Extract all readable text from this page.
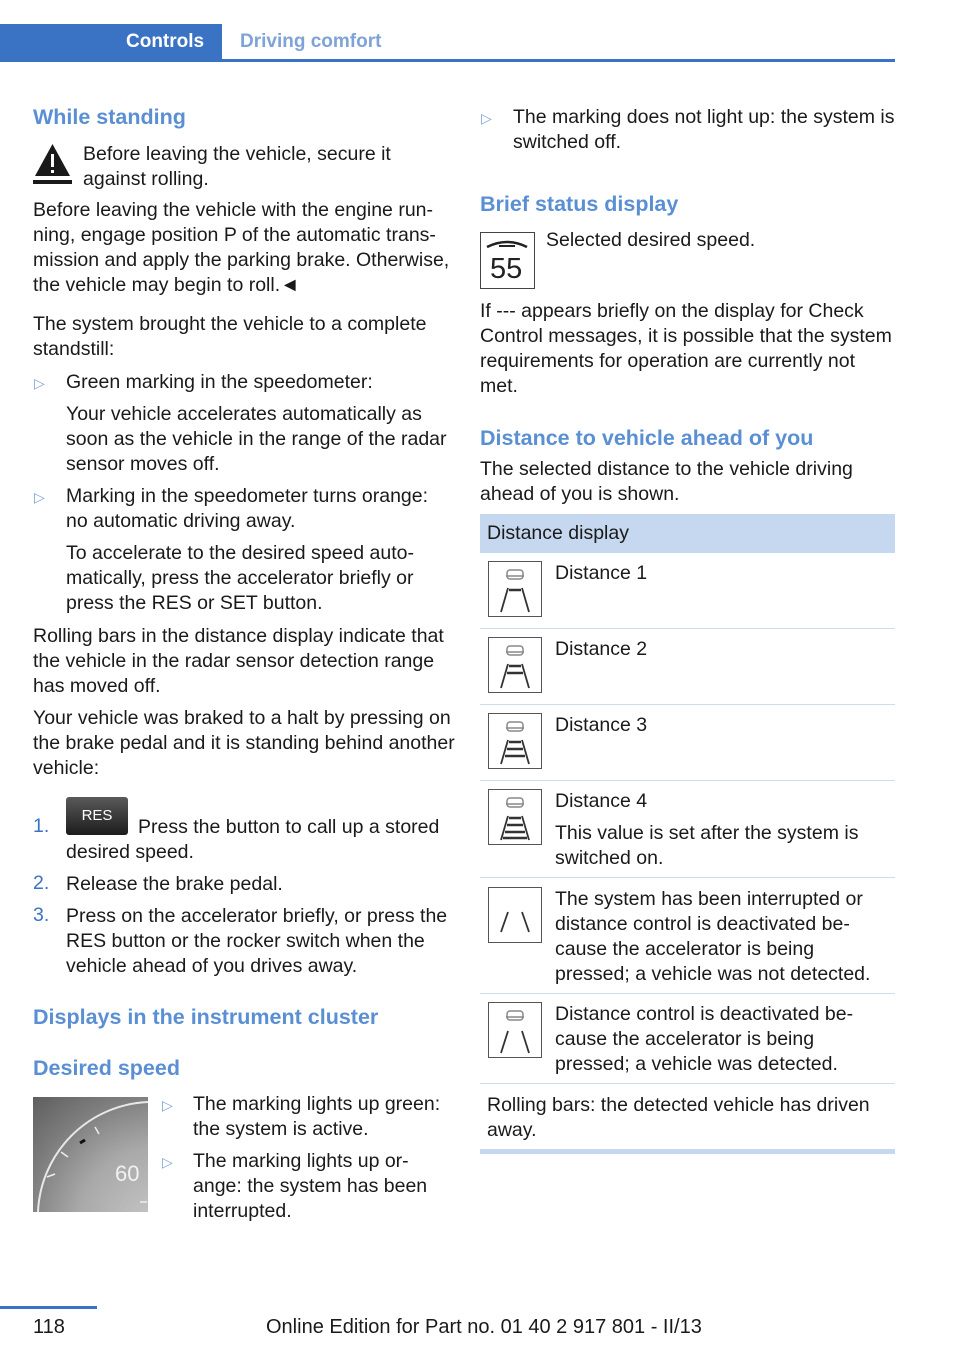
Controls Driving comfort
While standing
Before leaving the vehicle, secure it
against rolling.
Before leaving the vehicle with the engine run-
ning, engage position P of the automatic trans-
mission and apply the parking brake. Otherwise,
the vehicle may begin to roll.◄
The system brought the vehicle to a complete
standstill:
▷ Green marking in the speedometer:
Your vehicle accelerates automatically as
soon as the vehicle in the range of the radar
sensor moves off.
▷ Marking in the speedometer turns orange:
no automatic driving away.
To accelerate to the desired speed auto-
matically, press the accelerator briefly or
press the RES or SET button.
Rolling bars in the distance display indicate that
the vehicle in the radar sensor detection range
has moved off.
Your vehicle was braked to a halt by pressing on
the brake pedal and it is standing behind another
vehicle:
1.	RES
Press the button to call up a stored
desired speed.
2. Release the brake pedal.
3. Press on the accelerator briefly, or press the
RES button or the rocker switch when the
vehicle ahead of you drives away.
Displays in the instrument cluster
Desired speed
60
▷ The marking lights up green:
the system is active.
▷ The marking lights up or-
ange: the system has been
interrupted.
▷ The marking does not light up: the system is
switched off.
Brief status display
55
Selected desired speed.
If --- appears briefly on the display for Check
Control messages, it is possible that the system
requirements for operation are currently not
met.
Distance to vehicle ahead of you
The selected distance to the vehicle driving
ahead of you is shown.
Distance display
Distance 1
Distance 2
Distance 3
Distance 4
This value is set after the system is
switched on.
The system has been interrupted or
distance control is deactivated be-
cause the accelerator is being
pressed; a vehicle was not detected.
Distance control is deactivated be-
cause the accelerator is being
pressed; a vehicle was detected.
Rolling bars: the detected vehicle has driven
away.
118	Online Edition for Part no. 01 40 2 917 801 - II/13
